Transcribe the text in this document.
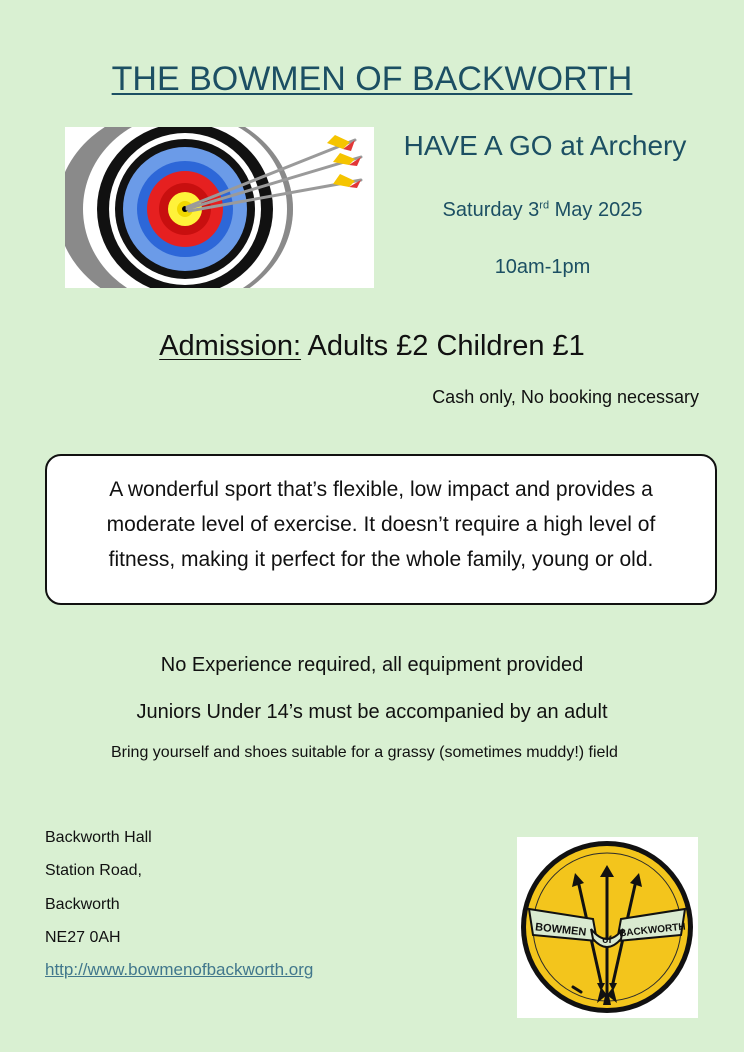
THE BOWMEN OF BACKWORTH
HAVE A GO at Archery
Saturday 3rd May 2025
10am-1pm
Admission: Adults £2 Children £1
Cash only, No booking necessary
A wonderful sport that’s flexible, low impact and provides a moderate level of exercise. It doesn’t require a high level of fitness, making it perfect for the whole family, young or old.
No Experience required, all equipment provided
Juniors Under 14’s must be accompanied by an adult
Bring yourself and shoes suitable for a grassy (sometimes muddy!) field
Backworth Hall
Station Road,
Backworth
NE27 0AH
http://www.bowmenofbackworth.org
BOWMEN
of
BACKWORTH
